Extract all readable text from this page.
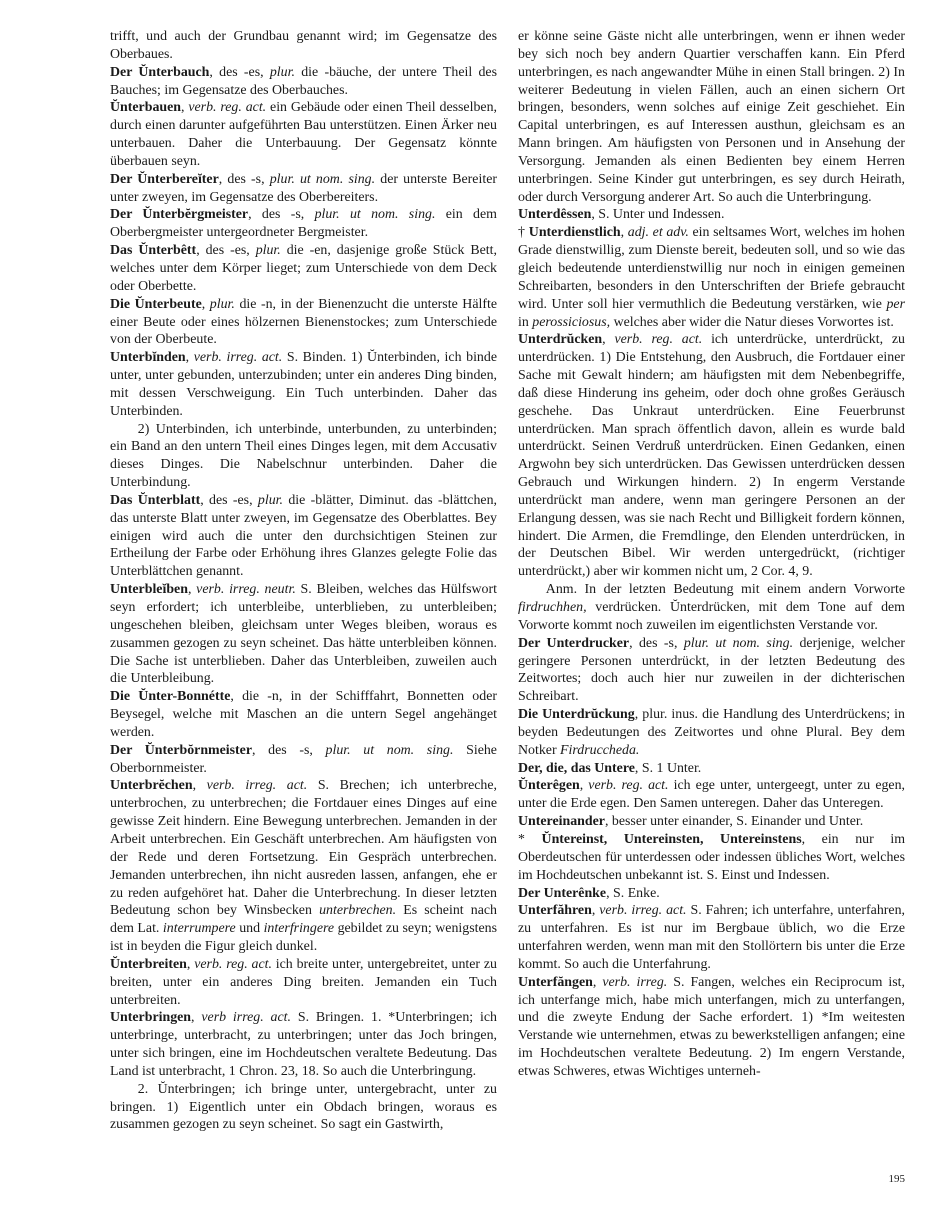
trifft, und auch der Grundbau genannt wird; im Gegensatze des Oberbaues.
Der Ŭnterbauch, des -es, plur. die -bäuche, der untere Theil des Bauches; im Gegensatze des Oberbauches.
Ŭnterbauen, verb. reg. act. ein Gebäude oder einen Theil desselben, durch einen darunter aufgeführten Bau unterstützen. Einen Ärker neu unterbauen. Daher die Unterbauung. Der Gegensatz könnte überbauen seyn.
Der Ŭnterbereĭter, des -s, plur. ut nom. sing. der unterste Bereiter unter zweyen, im Gegensatze des Oberbereiters.
Der Ŭnterbĕrgmeister, des -s, plur. ut nom. sing. ein dem Oberbergmeister untergeordneter Bergmeister.
Das Ŭnterbêtt, des -es, plur. die -en, dasjenige große Stück Bett, welches unter dem Körper lieget; zum Unterschiede von dem Deck oder Oberbette.
Die Ŭnterbeute, plur. die -n, in der Bienenzucht die unterste Hälfte einer Beute oder eines hölzernen Bienenstockes; zum Unterschiede von der Oberbeute.
Unterbĭnden, verb. irreg. act. S. Binden. 1) Ŭnterbinden, ich binde unter, unter gebunden, unterzubinden; unter ein anderes Ding binden, mit dessen Verschweigung. Ein Tuch unterbinden. Daher das Unterbinden.
2) Unterbinden, ich unterbinde, unterbunden, zu unterbinden; ein Band an den untern Theil eines Dinges legen, mit dem Accusativ dieses Dinges. Die Nabelschnur unterbinden. Daher die Unterbindung.
Das Ŭnterblatt, des -es, plur. die -blätter, Diminut. das -blättchen, das unterste Blatt unter zweyen, im Gegensatze des Oberblattes. Bey einigen wird auch die unter den durchsichtigen Steinen zur Ertheilung der Farbe oder Erhöhung ihres Glanzes gelegte Folie das Unterblättchen genannt.
Unterbleĭben, verb. irreg. neutr. S. Bleiben, welches das Hülfswort seyn erfordert; ich unterbleibe, unterblieben, zu unterbleiben; ungeschehen bleiben, gleichsam unter Weges bleiben, woraus es zusammen gezogen zu seyn scheinet. Das hätte unterbleiben können. Die Sache ist unterblieben. Daher das Unterbleiben, zuweilen auch die Unterbleibung.
Die Ŭnter-Bonnétte, die -n, in der Schifffahrt, Bonnetten oder Beysegel, welche mit Maschen an die untern Segel angehänget werden.
Der Ŭnterbŏrnmeister, des -s, plur. ut nom. sing. Siehe Oberbornmeister.
Unterbrĕchen, verb. irreg. act. S. Brechen; ich unterbreche, unterbrochen, zu unterbrechen; die Fortdauer eines Dinges auf eine gewisse Zeit hindern. Eine Bewegung unterbrechen. Jemanden in der Arbeit unterbrechen. Ein Geschäft unterbrechen. Am häufigsten von der Rede und deren Fortsetzung. Ein Gespräch unterbrechen. Jemanden unterbrechen, ihn nicht ausreden lassen, anfangen, ehe er zu reden aufgehöret hat. Daher die Unterbrechung. In dieser letzten Bedeutung schon bey Winsbecken unterbrechen. Es scheint nach dem Lat. interrumpere und interfringere gebildet zu seyn; wenigstens ist in beyden die Figur gleich dunkel.
Ŭnterbreiten, verb. reg. act. ich breite unter, untergebreitet, unter zu breiten, unter ein anderes Ding breiten. Jemanden ein Tuch unterbreiten.
Unterbringen, verb irreg. act. S. Bringen. 1. *Unterbringen; ich unterbringe, unterbracht, zu unterbringen; unter das Joch bringen, unter sich bringen, eine im Hochdeutschen veraltete Bedeutung. Das Land ist unterbracht, 1 Chron. 23, 18. So auch die Unterbringung.
2. Ŭnterbringen; ich bringe unter, untergebracht, unter zu bringen. 1) Eigentlich unter ein Obdach bringen, woraus es zusammen gezogen zu seyn scheinet. So sagt ein Gastwirth,
er könne seine Gäste nicht alle unterbringen, wenn er ihnen weder bey sich noch bey andern Quartier verschaffen kann. Ein Pferd unterbringen, es nach angewandter Mühe in einen Stall bringen. 2) In weiterer Bedeutung in vielen Fällen, auch an einen sichern Ort bringen, besonders, wenn solches auf einige Zeit geschiehet. Ein Capital unterbringen, es auf Interessen austhun, gleichsam es an Mann bringen. Am häufigsten von Personen und in Ansehung der Versorgung. Jemanden als einen Bedienten bey einem Herren unterbringen. Seine Kinder gut unterbringen, es sey durch Heirath, oder durch Versorgung anderer Art. So auch die Unterbringung.
Unterdêssen, S. Unter und Indessen.
† Unterdienstlich, adj. et adv. ein seltsames Wort, welches im hohen Grade dienstwillig, zum Dienste bereit, bedeuten soll, und so wie das gleich bedeutende unterdienstwillig nur noch in einigen gemeinen Schreibarten, besonders in den Unterschriften der Briefe gebraucht wird. Unter soll hier vermuthlich die Bedeutung verstärken, wie per in perossiciosus, welches aber wider die Natur dieses Vorwortes ist.
Unterdrŭcken, verb. reg. act. ich unterdrücke, unterdrückt, zu unterdrücken. 1) Die Entstehung, den Ausbruch, die Fortdauer einer Sache mit Gewalt hindern; am häufigsten mit dem Nebenbegriffe, daß diese Hinderung ins geheim, oder doch ohne großes Geräusch geschehe. Das Unkraut unterdrücken. Eine Feuerbrunst unterdrücken. Man sprach öffentlich davon, allein es wurde bald unterdrückt. Seinen Verdruß unterdrücken. Einen Gedanken, einen Argwohn bey sich unterdrücken. Das Gewissen unterdrücken dessen Gebrauch und Wirkungen hindern. 2) In engerm Verstande unterdrückt man andere, wenn man geringere Personen an der Erlangung dessen, was sie nach Recht und Billigkeit fordern können, hindert. Die Armen, die Fremdlinge, den Elenden unterdrücken, in der Deutschen Bibel. Wir werden untergedrückt, (richtiger unterdrückt,) aber wir kommen nicht um, 2 Cor. 4, 9.
Anm. In der letzten Bedeutung mit einem andern Vorworte firdruchhen, verdrücken. Ŭnterdrücken, mit dem Tone auf dem Vorworte kommt noch zuweilen im eigentlichsten Verstande vor.
Der Unterdrucker, des -s, plur. ut nom. sing. derjenige, welcher geringere Personen unterdrückt, in der letzten Bedeutung des Zeitwortes; doch auch hier nur zuweilen in der dichterischen Schreibart.
Die Unterdrŭckung, plur. inus. die Handlung des Unterdrückens; in beyden Bedeutungen des Zeitwortes und ohne Plural. Bey dem Notker Firdruccheda.
Der, die, das Untere, S. 1 Unter.
Ŭnterêgen, verb. reg. act. ich ege unter, untergeegt, unter zu egen, unter die Erde egen. Den Samen unteregen. Daher das Unteregen.
Untereinander, besser unter einander, S. Einander und Unter.
* Ŭntereinst, Untereinsten, Untereinstens, ein nur im Oberdeutschen für unterdessen oder indessen übliches Wort, welches im Hochdeutschen unbekannt ist. S. Einst und Indessen.
Der Unterênke, S. Enke.
Unterfăhren, verb. irreg. act. S. Fahren; ich unterfahre, unterfahren, zu unterfahren. Es ist nur im Bergbaue üblich, wo die Erze unterfahren werden, wenn man mit den Stollörtern bis unter die Erze kommt. So auch die Unterfahrung.
Unterfăngen, verb. irreg. S. Fangen, welches ein Reciprocum ist, ich unterfange mich, habe mich unterfangen, mich zu unterfangen, und die zweyte Endung der Sache erfordert. 1) *Im weitesten Verstande wie unternehmen, etwas zu bewerkstelligen anfangen; eine im Hochdeutschen veraltete Bedeutung. 2) Im engern Verstande, etwas Schweres, etwas Wichtiges unterneh-
195
